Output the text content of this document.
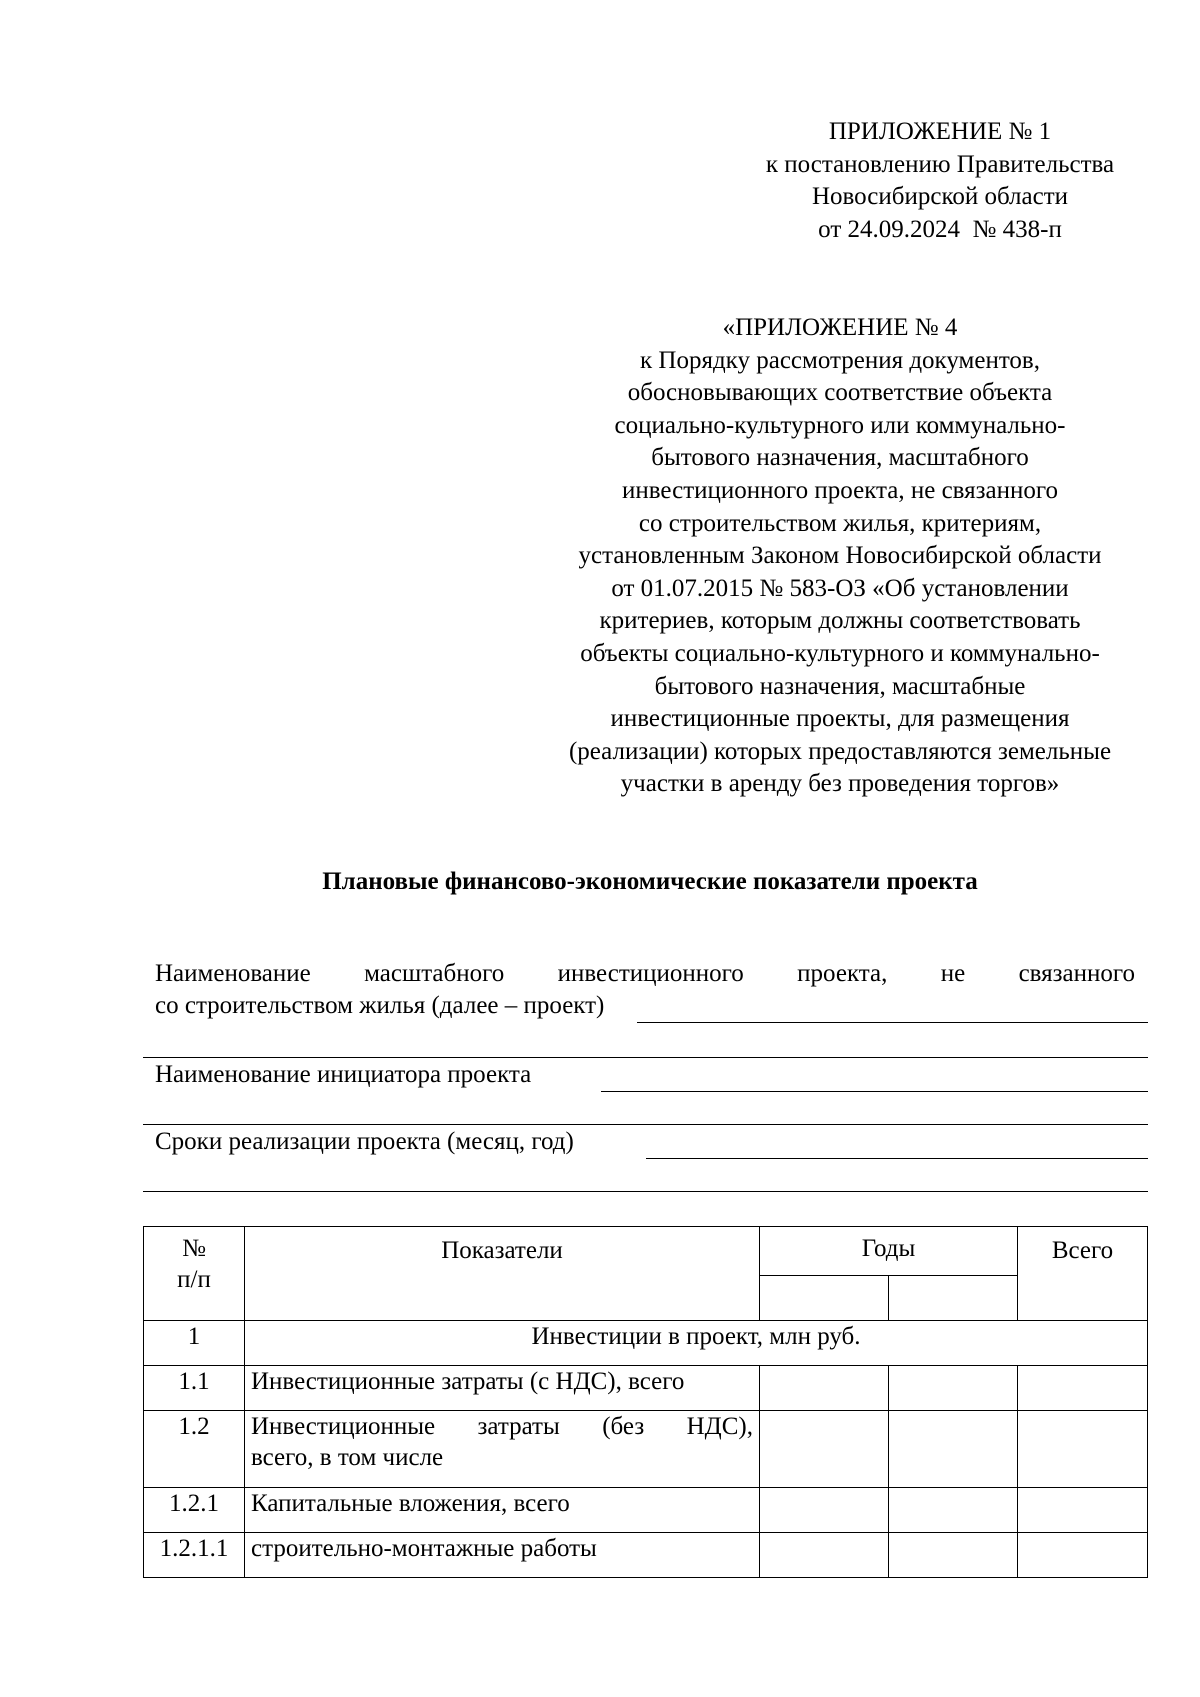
ПРИЛОЖЕНИЕ № 1
к постановлению Правительства
Новосибирской области
от 24.09.2024  № 438-п
«ПРИЛОЖЕНИЕ № 4
к Порядку рассмотрения документов,
обосновывающих соответствие объекта
социально-культурного или коммунально-
бытового назначения, масштабного
инвестиционного проекта, не связанного
со строительством жилья, критериям,
установленным Законом Новосибирской области
от 01.07.2015 № 583-ОЗ «Об установлении
критериев, которым должны соответствовать
объекты социально-культурного и коммунально-
бытового назначения, масштабные
инвестиционные проекты, для размещения
(реализации) которых предоставляются земельные
участки в аренду без проведения торгов»
Плановые финансово-экономические показатели проекта
Наименование масштабного инвестиционного проекта, не связанного
со строительством жилья (далее – проект)
Наименование инициатора проекта
Сроки реализации проекта (месяц, год)
№
п/п	Показатели	Годы		Всего

1	Инвестиции в проект, млн руб.			
1.1	Инвестиционные затраты (с НДС), всего			
1.2	Инвестиционные затраты (без НДС),
всего, в том числе			

1.2.1	Капитальные вложения, всего			
1.2.1.1	строительно-монтажные работы			
